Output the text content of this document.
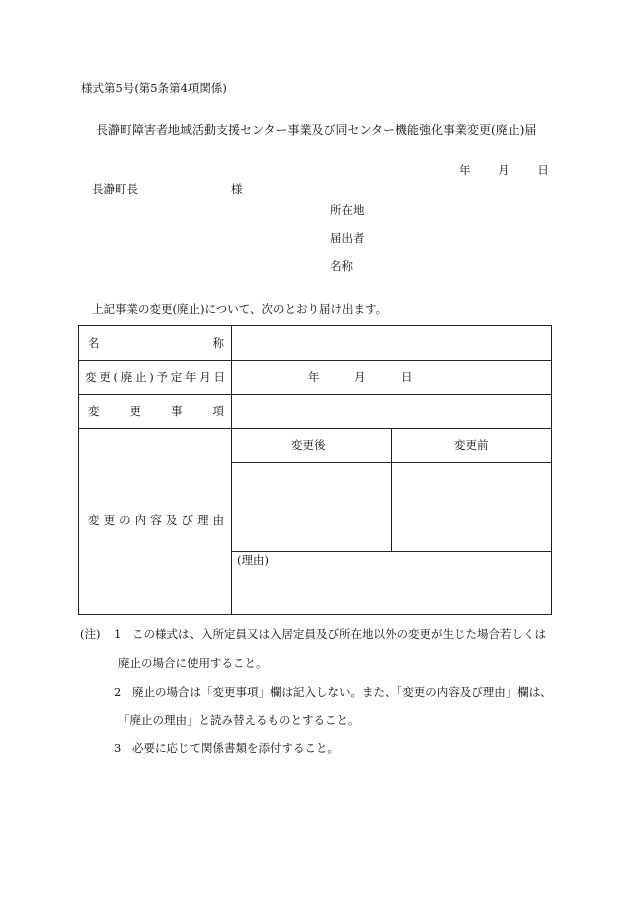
様式第5号(第5条第4項関係)
長瀞町障害者地域活動支援センター事業及び同センター機能強化事業変更(廃止)届
年 月 日
長瀞町長	様
所在地
届出者
名称
上記事業の変更(廃止)について、次のとおり届け出ます。
名	称
変 更 ( 廃 止 ) 予 定 年 月 日	年	月	日
変	更	事	項
変 更 の 内 容 及 び 理 由
変更後	変更前
(理由)
(注) 1 この様式は、入所定員又は入居定員及び所在地以外の変更が生じた場合若しくは
廃止の場合に使用すること。
2 廃止の場合は「変更事項」欄は記入しない。また、「変更の内容及び理由」欄は、
「廃止の理由」と読み替えるものとすること。
3 必要に応じて関係書類を添付すること。
